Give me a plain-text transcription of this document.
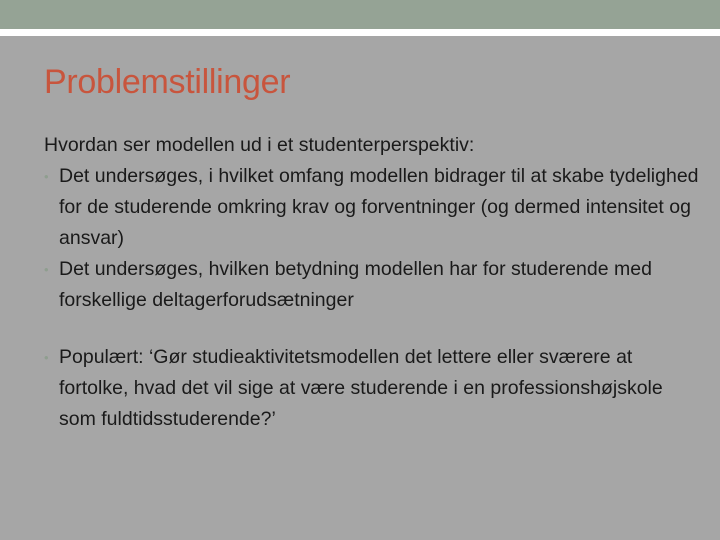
Problemstillinger

Hvordan ser modellen ud i et studenterperspektiv:

• Det undersøges, i hvilket omfang modellen bidrager til at skabe tydelighed for de studerende omkring krav og forventninger (og dermed intensitet og ansvar)

• Det undersøges, hvilken betydning modellen har for studerende med forskellige deltagerforudsætninger

• Populært: ‘Gør studieaktivitetsmodellen det lettere eller sværere at fortolke, hvad det vil sige at være studerende i en professionshøjskole som fuldtidsstuderende?’
